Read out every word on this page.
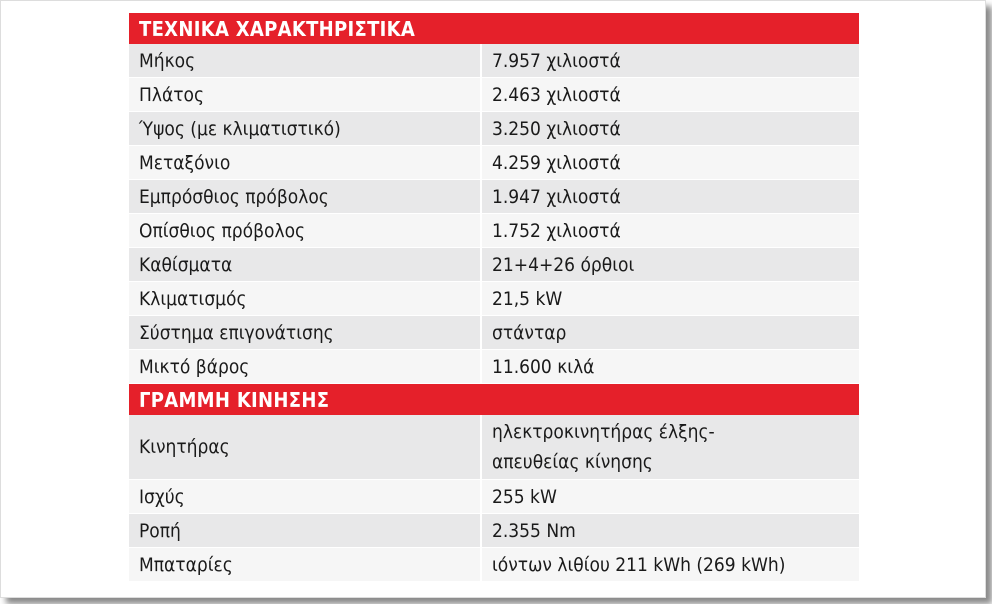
ΤΕΧΝΙΚΑ ΧΑΡΑΚΤΗΡΙΣΤΙΚΑ	
Μήκος	7.957 χιλιοστά
Πλάτος	2.463 χιλιοστά
Ύψος (με κλιματιστικό)	3.250 χιλιοστά
Μεταξόνιο	4.259 χιλιοστά
Εμπρόσθιος πρόβολος	1.947 χιλιοστά
Οπίσθιος πρόβολος	1.752 χιλιοστά
Καθίσματα	21+4+26 όρθιοι
Κλιματισμός	21,5 kW
Σύστημα επιγονάτισης	στάνταρ
Μικτό βάρος	11.600 κιλά
ΓΡΑΜΜΗ ΚΙΝΗΣΗΣ	
Κινητήρας	ηλεκτροκινητήρας έλξης-
απευθείας κίνησης

Ισχύς	255 kW
Ροπή	2.355 Nm
Μπαταρίες	ιόντων λιθίου 211 kWh (269 kWh)
